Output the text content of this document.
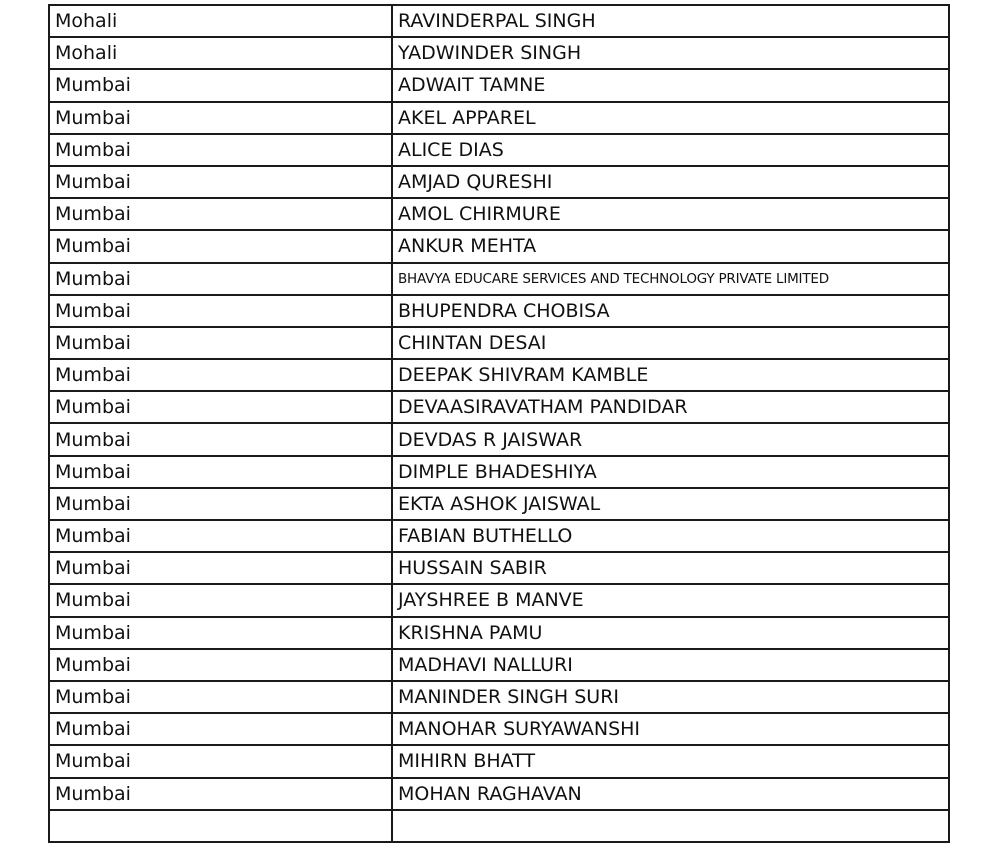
Mohali	RAVINDERPAL SINGH
Mohali	YADWINDER SINGH
Mumbai	ADWAIT TAMNE
Mumbai	AKEL APPAREL
Mumbai	ALICE DIAS
Mumbai	AMJAD QURESHI
Mumbai	AMOL CHIRMURE
Mumbai	ANKUR MEHTA
Mumbai	BHAVYA EDUCARE SERVICES AND TECHNOLOGY PRIVATE LIMITED
Mumbai	BHUPENDRA CHOBISA
Mumbai	CHINTAN DESAI
Mumbai	DEEPAK SHIVRAM KAMBLE
Mumbai	DEVAASIRAVATHAM PANDIDAR
Mumbai	DEVDAS R JAISWAR
Mumbai	DIMPLE BHADESHIYA
Mumbai	EKTA ASHOK JAISWAL
Mumbai	FABIAN BUTHELLO
Mumbai	HUSSAIN SABIR
Mumbai	JAYSHREE B MANVE
Mumbai	KRISHNA PAMU
Mumbai	MADHAVI NALLURI
Mumbai	MANINDER SINGH SURI
Mumbai	MANOHAR SURYAWANSHI
Mumbai	MIHIRN BHATT
Mumbai	MOHAN RAGHAVAN
